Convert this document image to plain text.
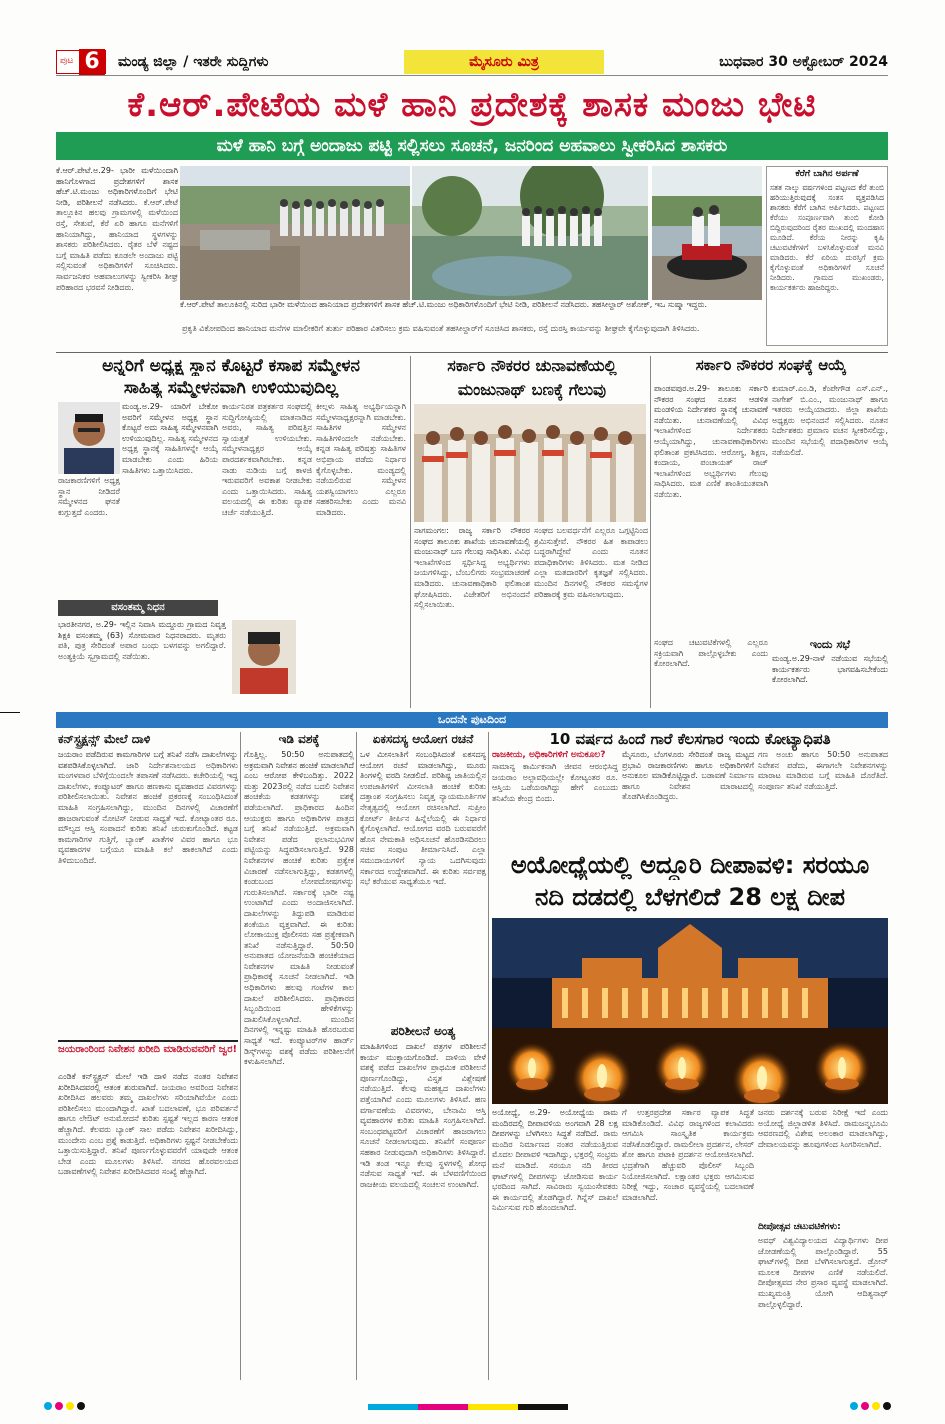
ಪುಟ 6	ಮಂಡ್ಯ ಜಿಲ್ಲಾ / ಇತರೇ ಸುದ್ದಿಗಳು	ಮೈಸೂರು ಮಿತ್ರ	ಬುಧವಾರ 30 ಅಕ್ಟೋಬರ್ 2024
ಕೆ.ಆರ್.ಪೇಟೆಯ ಮಳೆ ಹಾನಿ ಪ್ರದೇಶಕ್ಕೆ ಶಾಸಕ ಮಂಜು ಭೇಟಿ
ಮಳೆ ಹಾನಿ ಬಗ್ಗೆ ಅಂದಾಜು ಪಟ್ಟಿ ಸಲ್ಲಿಸಲು ಸೂಚನೆ, ಜನರಿಂದ ಅಹವಾಲು ಸ್ವೀಕರಿಸಿದ ಶಾಸಕರು
ಕೆ.ಆರ್.ಪೇಟೆ.ಅ.29- ಭಾರೀ ಮಳೆಯಿಂದಾಗಿ ಹಾನಿಗೊಳಗಾದ ಪ್ರದೇಶಗಳಿಗೆ ಶಾಸಕ ಹೆಚ್.ಟಿ.ಮಂಜು ಅಧಿಕಾರಿಗಳೊಂದಿಗೆ ಭೇಟಿ ನೀಡಿ, ಪರಿಶೀಲನೆ ನಡೆಸಿದರು. ಕೆ.ಆರ್.ಪೇಟೆ ತಾಲ್ಲೂಕಿನ ಹಲವು ಗ್ರಾಮಗಳಲ್ಲಿ ಮಳೆಯಿಂದ ರಸ್ತೆ, ಸೇತುವೆ, ಕೆರೆ ಏರಿ ಹಾಗೂ ಮನೆಗಳಿಗೆ ಹಾನಿಯಾಗಿದ್ದು, ಹಾನಿಯಾದ ಸ್ಥಳಗಳನ್ನು ಶಾಸಕರು ಪರಿಶೀಲಿಸಿದರು. ರೈತರ ಬೆಳೆ ನಷ್ಟದ ಬಗ್ಗೆ ಮಾಹಿತಿ ಪಡೆದು ಕೂಡಲೇ ಅಂದಾಜು ಪಟ್ಟಿ ಸಲ್ಲಿಸುವಂತೆ ಅಧಿಕಾರಿಗಳಿಗೆ ಸೂಚಿಸಿದರು. ಸಾರ್ವಜನಿಕರ ಅಹವಾಲುಗಳನ್ನು ಸ್ವೀಕರಿಸಿ ಶೀಘ್ರ ಪರಿಹಾರದ ಭರವಸೆ ನೀಡಿದರು.
ಕೆ.ಆರ್.ಪೇಟೆ ತಾಲೂಕಿನಲ್ಲಿ ಸುರಿದ ಭಾರೀ ಮಳೆಯಿಂದ ಹಾನಿಯಾದ ಪ್ರದೇಶಗಳಿಗೆ ಶಾಸಕ ಹೆಚ್.ಟಿ.ಮಂಜು ಅಧಿಕಾರಿಗಳೊಂದಿಗೆ ಭೇಟಿ ನೀಡಿ, ಪರಿಶೀಲನೆ ನಡೆಸಿದರು. ತಹಸೀಲ್ದಾರ್ ಅಶೋಕ್, ಇಒ ಸುಷ್ಮಾ ಇದ್ದರು.
ಕೆರೆಗೆ ಬಾಗಿನ ಅರ್ಪಣೆ
ಸತತ ನಾಲ್ಕು ವರ್ಷಗಳಿಂದ ಪಟ್ಟಣದ ಕೆರೆ ತುಂಬಿ ಹರಿಯುತ್ತಿರುವುದಕ್ಕೆ ಸಂತಸ ವ್ಯಕ್ತಪಡಿಸಿದ ಶಾಸಕರು ಕೆರೆಗೆ ಬಾಗಿನ ಅರ್ಪಿಸಿದರು. ಪಟ್ಟಣದ ಕೆರೆಯು ಸಂಪೂರ್ಣವಾಗಿ ತುಂಬಿ ಕೋಡಿ ಬಿದ್ದಿರುವುದರಿಂದ ರೈತರ ಮುಖದಲ್ಲಿ ಮಂದಹಾಸ ಮೂಡಿದೆ. ಕೆರೆಯ ನೀರನ್ನು ಕೃಷಿ ಚಟುವಟಿಕೆಗಳಿಗೆ ಬಳಸಿಕೊಳ್ಳುವಂತೆ ಮನವಿ ಮಾಡಿದರು. ಕೆರೆ ಏರಿಯ ದುರಸ್ತಿಗೆ ಕ್ರಮ ಕೈಗೊಳ್ಳುವಂತೆ ಅಧಿಕಾರಿಗಳಿಗೆ ಸೂಚನೆ ನೀಡಿದರು. ಗ್ರಾಮದ ಮುಖಂಡರು, ಕಾರ್ಯಕರ್ತರು ಹಾಜರಿದ್ದರು.
ಪ್ರಕೃತಿ ವಿಕೋಪದಿಂದ ಹಾನಿಯಾದ ಮನೆಗಳ ಮಾಲೀಕರಿಗೆ ತುರ್ತು ಪರಿಹಾರ ವಿತರಿಸಲು ಕ್ರಮ ವಹಿಸುವಂತೆ ತಹಸೀಲ್ದಾರ್‌ಗೆ ಸೂಚಿಸಿದ ಶಾಸಕರು, ರಸ್ತೆ ದುರಸ್ತಿ ಕಾರ್ಯವನ್ನು ಶೀಘ್ರವೇ ಕೈಗೊಳ್ಳುವುದಾಗಿ ತಿಳಿಸಿದರು.
ಅನ್ನರಿಗೆ ಅಧ್ಯಕ್ಷ ಸ್ಥಾನ ಕೊಟ್ಟರೆ ಕಸಾಪ ಸಮ್ಮೇಳನ
ಸಾಹಿತ್ಯ ಸಮ್ಮೇಳನವಾಗಿ ಉಳಿಯುವುದಿಲ್ಲ
ಮಂಡ್ಯ.ಅ.29- ಯಾರಿಗೆ ಬೇಕೋ ಅವರಿಗೆ ಸಮ್ಮೇಳನ ಅಧ್ಯಕ್ಷ ಸ್ಥಾನ ಕೊಟ್ಟರೆ ಅದು ಸಾಹಿತ್ಯ ಸಮ್ಮೇಳನವಾಗಿ ಉಳಿಯುವುದಿಲ್ಲ. ಸಾಹಿತ್ಯ ಸಮ್ಮೇಳನದ ಅಧ್ಯಕ್ಷ ಸ್ಥಾನಕ್ಕೆ ಸಾಹಿತಿಗಳನ್ನೇ ಆಯ್ಕೆ ಮಾಡಬೇಕು ಎಂದು ಹಿರಿಯ ಸಾಹಿತಿಗಳು ಒತ್ತಾಯಿಸಿದರು.
ರಾಜಕಾರಣಿಗಳಿಗೆ ಅಧ್ಯಕ್ಷ ಸ್ಥಾನ ನೀಡಿದರೆ ಸಮ್ಮೇಳನದ ಘನತೆ ಕುಗ್ಗುತ್ತದೆ ಎಂದರು.
ಕಾರ್ಯನಿರತ ಪತ್ರಕರ್ತರ ಸಂಘದಲ್ಲಿ ಸುದ್ದಿಗೋಷ್ಠಿಯಲ್ಲಿ ಮಾತನಾಡಿದ ಅವರು, ಸಾಹಿತ್ಯ ಪರಿಷತ್ತಿನ ಸ್ವಾಯತ್ತತೆ ಉಳಿಯಬೇಕು. ಸಮ್ಮೇಳನಾಧ್ಯಕ್ಷರ ಆಯ್ಕೆ ಪಾರದರ್ಶಕವಾಗಿರಬೇಕು. ಕನ್ನಡ ನಾಡು ನುಡಿಯ ಬಗ್ಗೆ ಕಾಳಜಿ ಇರುವವರಿಗೆ ಅವಕಾಶ ನೀಡಬೇಕು ಎಂದು ಒತ್ತಾಯಿಸಿದರು. ಸಾಹಿತ್ಯ ವಲಯದಲ್ಲಿ ಈ ಕುರಿತು ವ್ಯಾಪಕ ಚರ್ಚೆ ನಡೆಯುತ್ತಿದೆ.
ಕೀಲ್ಗಳು ಸಾಹಿತ್ಯ ಅಭ್ಯರ್ಥಿಯನ್ನಾಗಿ ಸಮ್ಮೇಳನಾಧ್ಯಕ್ಷರನ್ನಾಗಿ ಮಾಡಬೇಕು. ಸಾಹಿತಿಗಳ ಸಮ್ಮೇಳನ ಸಾಹಿತಿಗಳಿಂದಲೇ ನಡೆಯಬೇಕು. ಕನ್ನಡ ಸಾಹಿತ್ಯ ಪರಿಷತ್ತು ಸಾಹಿತಿಗಳ ಅಭಿಪ್ರಾಯ ಪಡೆದು ನಿರ್ಧಾರ ಕೈಗೊಳ್ಳಬೇಕು. ಮಂಡ್ಯದಲ್ಲಿ ನಡೆಯಲಿರುವ ಸಮ್ಮೇಳನ ಯಶಸ್ವಿಯಾಗಲು ಎಲ್ಲರೂ ಸಹಕರಿಸಬೇಕು ಎಂದು ಮನವಿ ಮಾಡಿದರು.
ವಸಂತಮ್ಮ ನಿಧನ
ಭಾರತೀನಗರ, ಅ.29- ಇಲ್ಲಿನ ನಿವಾಸಿ ಮದ್ದೂರು ಗ್ರಾಮದ ನಿವೃತ್ತ ಶಿಕ್ಷಕಿ ವಸಂತಮ್ಮ (63) ಸೋಮವಾರ ನಿಧನರಾದರು. ಮೃತರು ಪತಿ, ಪುತ್ರ ಸೇರಿದಂತೆ ಅಪಾರ ಬಂಧು ಬಳಗವನ್ನು ಅಗಲಿದ್ದಾರೆ. ಅಂತ್ಯಕ್ರಿಯೆ ಸ್ವಗ್ರಾಮದಲ್ಲಿ ನಡೆಯಿತು.
ಸರ್ಕಾರಿ ನೌಕರರ ಚುನಾವಣೆಯಲ್ಲಿ
ಮಂಜುನಾಥ್ ಬಣಕ್ಕೆ ಗೆಲುವು
ನಾಗಮಂಗಲ: ರಾಜ್ಯ ಸರ್ಕಾರಿ ನೌಕರರ ಸಂಘದ ತಾಲೂಕು ಶಾಖೆಯ ಚುನಾವಣೆಯಲ್ಲಿ ಮಂಜುನಾಥ್ ಬಣ ಗೆಲುವು ಸಾಧಿಸಿತು. ವಿವಿಧ ಇಲಾಖೆಗಳಿಂದ ಸ್ಪರ್ಧಿಸಿದ್ದ ಅಭ್ಯರ್ಥಿಗಳು ಜಯಗಳಿಸಿದ್ದು, ಬೆಂಬಲಿಗರು ಸಂಭ್ರಮಾಚರಣೆ ಮಾಡಿದರು. ಚುನಾವಣಾಧಿಕಾರಿ ಫಲಿತಾಂಶ ಘೋಷಿಸಿದರು. ವಿಜೇತರಿಗೆ ಅಭಿನಂದನೆ ಸಲ್ಲಿಸಲಾಯಿತು.
ಸಂಘದ ಬಲವರ್ಧನೆಗೆ ಎಲ್ಲರೂ ಒಗ್ಗಟ್ಟಿನಿಂದ ಶ್ರಮಿಸುತ್ತೇವೆ. ನೌಕರರ ಹಿತ ಕಾಪಾಡಲು ಬದ್ಧರಾಗಿದ್ದೇವೆ ಎಂದು ನೂತನ ಪದಾಧಿಕಾರಿಗಳು ತಿಳಿಸಿದರು. ಮತ ನೀಡಿದ ಎಲ್ಲಾ ಮತದಾರರಿಗೆ ಕೃತಜ್ಞತೆ ಸಲ್ಲಿಸಿದರು. ಮುಂದಿನ ದಿನಗಳಲ್ಲಿ ನೌಕರರ ಸಮಸ್ಯೆಗಳ ಪರಿಹಾರಕ್ಕೆ ಕ್ರಮ ವಹಿಸಲಾಗುವುದು.
ಸರ್ಕಾರಿ ನೌಕರರ ಸಂಘಕ್ಕೆ ಆಯ್ಕೆ
ಪಾಂಡವಪುರ.ಅ.29- ತಾಲೂಕು ಸರ್ಕಾರಿ ನೌಕರರ ಸಂಘದ ನೂತನ ಆಡಳಿತ ಮಂಡಳಿಯ ನಿರ್ದೇಶಕರ ಸ್ಥಾನಕ್ಕೆ ಚುನಾವಣೆ ನಡೆಯಿತು. ಚುನಾವಣೆಯಲ್ಲಿ ವಿವಿಧ ಇಲಾಖೆಗಳಿಂದ ನಿರ್ದೇಶಕರು ಆಯ್ಕೆಯಾಗಿದ್ದು, ಚುನಾವಣಾಧಿಕಾರಿಗಳು ಫಲಿತಾಂಶ ಪ್ರಕಟಿಸಿದರು. ಆರೋಗ್ಯ, ಶಿಕ್ಷಣ, ಕಂದಾಯ, ಪಂಚಾಯತ್ ರಾಜ್ ಇಲಾಖೆಗಳಿಂದ ಅಭ್ಯರ್ಥಿಗಳು ಗೆಲುವು ಸಾಧಿಸಿದರು. ಮತ ಎಣಿಕೆ ಶಾಂತಿಯುತವಾಗಿ ನಡೆಯಿತು.
ಕುಮಾರ್.ಎಂ.ಡಿ, ಕೆಂಪೇಗೌಡ ಎಸ್.ಎನ್., ನಾಗೇಶ್ ಬಿ.ಎಂ., ಮಂಜುನಾಥ್ ಹಾಗೂ ಇತರರು ಆಯ್ಕೆಯಾದರು. ಜಿಲ್ಲಾ ಶಾಖೆಯ ಅಧ್ಯಕ್ಷರು ಅಭಿನಂದನೆ ಸಲ್ಲಿಸಿದರು. ನೂತನ ನಿರ್ದೇಶಕರು ಪ್ರಮಾಣ ವಚನ ಸ್ವೀಕರಿಸಲಿದ್ದು, ಮುಂದಿನ ಸಭೆಯಲ್ಲಿ ಪದಾಧಿಕಾರಿಗಳ ಆಯ್ಕೆ ನಡೆಯಲಿದೆ.
ಇಂದು ಸಭೆ
ಮಂಡ್ಯ.ಅ.29-ನಾಳೆ ನಡೆಯುವ ಸಭೆಯಲ್ಲಿ ಕಾರ್ಯಕರ್ತರು ಭಾಗವಹಿಸಬೇಕೆಂದು ಕೋರಲಾಗಿದೆ.
ಸಂಘದ ಚಟುವಟಿಕೆಗಳಲ್ಲಿ ಎಲ್ಲರೂ ಸಕ್ರಿಯವಾಗಿ ಪಾಲ್ಗೊಳ್ಳಬೇಕು ಎಂದು ಕೋರಲಾಗಿದೆ.
ಒಂದನೇ ಪುಟದಿಂದ
ಕನ್‌ಸ್ಟ್ರಕ್ಷನ್ಸ್ ಮೇಲೆ ದಾಳಿ
ಜಯರಾಂ ಪಡೆದಿರುವ ಕಾಮಗಾರಿಗಳ ಬಗ್ಗೆ ತನಿಖೆ ನಡೆಸಿ ದಾಖಲೆಗಳನ್ನು ವಶಪಡಿಸಿಕೊಳ್ಳಲಾಗಿದೆ. ಜಾರಿ ನಿರ್ದೇಶನಾಲಯದ ಅಧಿಕಾರಿಗಳು ಮಂಗಳವಾರ ಬೆಳಿಗ್ಗೆಯಿಂದಲೇ ತಪಾಸಣೆ ನಡೆಸಿದರು. ಕಚೇರಿಯಲ್ಲಿ ಇದ್ದ ದಾಖಲೆಗಳು, ಕಂಪ್ಯೂಟರ್ ಹಾಗೂ ಹಣಕಾಸು ವ್ಯವಹಾರದ ವಿವರಗಳನ್ನು ಪರಿಶೀಲಿಸಲಾಯಿತು. ನಿವೇಶನ ಹಂಚಿಕೆ ಪ್ರಕರಣಕ್ಕೆ ಸಂಬಂಧಿಸಿದಂತೆ ಮಾಹಿತಿ ಸಂಗ್ರಹಿಸಲಾಗಿದ್ದು, ಮುಂದಿನ ದಿನಗಳಲ್ಲಿ ವಿಚಾರಣೆಗೆ ಹಾಜರಾಗುವಂತೆ ನೋಟಿಸ್ ನೀಡುವ ಸಾಧ್ಯತೆ ಇದೆ. ಕೋಟ್ಯಾಂತರ ರೂ. ಮೌಲ್ಯದ ಆಸ್ತಿ ಸಂಪಾದನೆ ಕುರಿತು ತನಿಖೆ ಚುರುಕುಗೊಂಡಿದೆ. ಕಟ್ಟಡ ಕಾಮಗಾರಿಗಳ ಗುತ್ತಿಗೆ, ಬ್ಯಾಂಕ್ ಖಾತೆಗಳ ವಿವರ ಹಾಗೂ ಭೂ ವ್ಯವಹಾರಗಳ ಬಗ್ಗೆಯೂ ಮಾಹಿತಿ ಕಲೆ ಹಾಕಲಾಗಿದೆ ಎಂದು ತಿಳಿದುಬಂದಿದೆ.
ಜಯರಾಂರಿಂದ ನಿವೇಶನ ಖರೀದಿ ಮಾಡಿರುವವರಿಗೆ ಜ್ವರ!
ಎಂಡಿಕೆ ಕನ್‌ಸ್ಟ್ರಕ್ಷನ್ ಮೇಲೆ ಇಡಿ ದಾಳಿ ನಡೆದ ನಂತರ ನಿವೇಶನ ಖರೀದಿಸಿದವರಲ್ಲಿ ಆತಂಕ ಶುರುವಾಗಿದೆ. ಜಯರಾಂ ಅವರಿಂದ ನಿವೇಶನ ಖರೀದಿಸಿದ ಹಲವರು ತಮ್ಮ ದಾಖಲೆಗಳು ಸರಿಯಾಗಿವೆಯೇ ಎಂದು ಪರಿಶೀಲಿಸಲು ಮುಂದಾಗಿದ್ದಾರೆ. ಖಾತೆ ಬದಲಾವಣೆ, ಭೂ ಪರಿವರ್ತನೆ ಹಾಗೂ ಲೇಔಟ್ ಅನುಮೋದನೆ ಕುರಿತು ಸ್ಪಷ್ಟತೆ ಇಲ್ಲದ ಕಾರಣ ಆತಂಕ ಹೆಚ್ಚಾಗಿದೆ. ಕೆಲವರು ಬ್ಯಾಂಕ್ ಸಾಲ ಪಡೆದು ನಿವೇಶನ ಖರೀದಿಸಿದ್ದು, ಮುಂದೇನು ಎಂಬ ಪ್ರಶ್ನೆ ಕಾಡುತ್ತಿದೆ. ಅಧಿಕಾರಿಗಳು ಸ್ಪಷ್ಟನೆ ನೀಡಬೇಕೆಂದು ಒತ್ತಾಯಿಸುತ್ತಿದ್ದಾರೆ. ತನಿಖೆ ಪೂರ್ಣಗೊಳ್ಳುವವರೆಗೆ ಯಾವುದೇ ಆತಂಕ ಬೇಡ ಎಂದು ಮೂಲಗಳು ತಿಳಿಸಿವೆ. ನಗರದ ಹೊರವಲಯದ ಬಡಾವಣೆಗಳಲ್ಲಿ ನಿವೇಶನ ಖರೀದಿಸಿದವರ ಸಂಖ್ಯೆ ಹೆಚ್ಚಾಗಿದೆ.
ಇಡಿ ವಶಕ್ಕೆ
ಗೊತ್ತಿಲ್ಲ. 50:50 ಅನುಪಾತದಲ್ಲಿ ಅಕ್ರಮವಾಗಿ ನಿವೇಶನ ಹಂಚಿಕೆ ಮಾಡಲಾಗಿದೆ ಎಂಬ ಆರೋಪ ಕೇಳಿಬಂದಿತ್ತು. 2022 ಮತ್ತು 2023ರಲ್ಲಿ ನಡೆದ ಬದಲಿ ನಿವೇಶನ ಹಂಚಿಕೆಯ ಕಡತಗಳನ್ನು ವಶಕ್ಕೆ ಪಡೆಯಲಾಗಿದೆ. ಪ್ರಾಧಿಕಾರದ ಹಿಂದಿನ ಆಯುಕ್ತರು ಹಾಗೂ ಅಧಿಕಾರಿಗಳ ಪಾತ್ರದ ಬಗ್ಗೆ ತನಿಖೆ ನಡೆಯುತ್ತಿದೆ. ಅಕ್ರಮವಾಗಿ ನಿವೇಶನ ಪಡೆದ ಫಲಾನುಭವಿಗಳ ಪಟ್ಟಿಯನ್ನು ಸಿದ್ಧಪಡಿಸಲಾಗುತ್ತಿದೆ. 928 ನಿವೇಶನಗಳ ಹಂಚಿಕೆ ಕುರಿತು ಪ್ರತ್ಯೇಕ ವಿಚಾರಣೆ ನಡೆಸಲಾಗುತ್ತಿದ್ದು, ಕಡತಗಳಲ್ಲಿ ಕಂಡುಬಂದ ಲೋಪದೋಷಗಳನ್ನು ಗುರುತಿಸಲಾಗಿದೆ. ಸರ್ಕಾರಕ್ಕೆ ಭಾರೀ ನಷ್ಟ ಉಂಟಾಗಿದೆ ಎಂದು ಅಂದಾಜಿಸಲಾಗಿದೆ. ದಾಖಲೆಗಳನ್ನು ತಿದ್ದುಪಡಿ ಮಾಡಿರುವ ಶಂಕೆಯೂ ವ್ಯಕ್ತವಾಗಿದೆ. ಈ ಕುರಿತು ಲೋಕಾಯುಕ್ತ ಪೊಲೀಸರು ಸಹ ಪ್ರತ್ಯೇಕವಾಗಿ ತನಿಖೆ ನಡೆಸುತ್ತಿದ್ದಾರೆ. 50:50 ಅನುಪಾತದ ಯೋಜನೆಯಡಿ ಹಂಚಿಕೆಯಾದ ನಿವೇಶನಗಳ ಮಾಹಿತಿ ನೀಡುವಂತೆ ಪ್ರಾಧಿಕಾರಕ್ಕೆ ಸೂಚನೆ ನೀಡಲಾಗಿದೆ. ಇಡಿ ಅಧಿಕಾರಿಗಳು ಹಲವು ಗಂಟೆಗಳ ಕಾಲ ದಾಖಲೆ ಪರಿಶೀಲಿಸಿದರು. ಪ್ರಾಧಿಕಾರದ ಸಿಬ್ಬಂದಿಯಿಂದ ಹೇಳಿಕೆಗಳನ್ನು ದಾಖಲಿಸಿಕೊಳ್ಳಲಾಗಿದೆ. ಮುಂದಿನ ದಿನಗಳಲ್ಲಿ ಇನ್ನಷ್ಟು ಮಾಹಿತಿ ಹೊರಬರುವ ಸಾಧ್ಯತೆ ಇದೆ. ಕಂಪ್ಯೂಟರ್‌ಗಳ ಹಾರ್ಡ್ ಡಿಸ್ಕ್‌ಗಳನ್ನು ವಶಕ್ಕೆ ಪಡೆದು ಪರಿಶೀಲನೆಗೆ ಕಳುಹಿಸಲಾಗಿದೆ.
ಏಕಸದಸ್ಯ ಆಯೋಗ ರಚನೆ
ಒಳ ಮೀಸಲಾತಿಗೆ ಸಂಬಂಧಿಸಿದಂತೆ ಏಕಸದಸ್ಯ ಆಯೋಗ ರಚನೆ ಮಾಡಲಾಗಿದ್ದು, ಮೂರು ತಿಂಗಳಲ್ಲಿ ವರದಿ ನೀಡಲಿದೆ. ಪರಿಶಿಷ್ಟ ಜಾತಿಯಲ್ಲಿನ ಉಪಜಾತಿಗಳಿಗೆ ಮೀಸಲಾತಿ ಹಂಚಿಕೆ ಕುರಿತು ದತ್ತಾಂಶ ಸಂಗ್ರಹಿಸಲು ನಿವೃತ್ತ ನ್ಯಾಯಮೂರ್ತಿಗಳ ನೇತೃತ್ವದಲ್ಲಿ ಆಯೋಗ ರಚಿಸಲಾಗಿದೆ. ಸುಪ್ರೀಂ ಕೋರ್ಟ್ ತೀರ್ಪಿನ ಹಿನ್ನೆಲೆಯಲ್ಲಿ ಈ ನಿರ್ಧಾರ ಕೈಗೊಳ್ಳಲಾಗಿದೆ. ಆಯೋಗದ ವರದಿ ಬರುವವರೆಗೆ ಹೊಸ ನೇಮಕಾತಿ ಅಧಿಸೂಚನೆ ಹೊರಡಿಸದಿರಲು ಸಚಿವ ಸಂಪುಟ ತೀರ್ಮಾನಿಸಿದೆ. ಎಲ್ಲಾ ಸಮುದಾಯಗಳಿಗೆ ನ್ಯಾಯ ಒದಗಿಸುವುದು ಸರ್ಕಾರದ ಉದ್ದೇಶವಾಗಿದೆ. ಈ ಕುರಿತು ಸರ್ವಪಕ್ಷ ಸಭೆ ಕರೆಯುವ ಸಾಧ್ಯತೆಯೂ ಇದೆ.
ಪರಿಶೀಲನೆ ಅಂತ್ಯ
ಮಾಹಿತಿಗಳಿಂದ ದಾಖಲೆ ಪತ್ರಗಳ ಪರಿಶೀಲನೆ ಕಾರ್ಯ ಮುಕ್ತಾಯಗೊಂಡಿದೆ. ದಾಳಿಯ ವೇಳೆ ವಶಕ್ಕೆ ಪಡೆದ ದಾಖಲೆಗಳ ಪ್ರಾಥಮಿಕ ಪರಿಶೀಲನೆ ಪೂರ್ಣಗೊಂಡಿದ್ದು, ವಿಸ್ತೃತ ವಿಶ್ಲೇಷಣೆ ನಡೆಯುತ್ತಿದೆ. ಕೆಲವು ಮಹತ್ವದ ದಾಖಲೆಗಳು ಪತ್ತೆಯಾಗಿವೆ ಎಂದು ಮೂಲಗಳು ತಿಳಿಸಿವೆ. ಹಣ ವರ್ಗಾವಣೆಯ ವಿವರಗಳು, ಬೇನಾಮಿ ಆಸ್ತಿ ವ್ಯವಹಾರಗಳ ಕುರಿತು ಮಾಹಿತಿ ಸಂಗ್ರಹಿಸಲಾಗಿದೆ. ಸಂಬಂಧಪಟ್ಟವರಿಗೆ ವಿಚಾರಣೆಗೆ ಹಾಜರಾಗಲು ಸೂಚನೆ ನೀಡಲಾಗುವುದು. ತನಿಖೆಗೆ ಸಂಪೂರ್ಣ ಸಹಕಾರ ನೀಡುವುದಾಗಿ ಅಧಿಕಾರಿಗಳು ತಿಳಿಸಿದ್ದಾರೆ. ಇಡಿ ತಂಡ ಇನ್ನೂ ಕೆಲವು ಸ್ಥಳಗಳಲ್ಲಿ ಶೋಧ ನಡೆಸುವ ಸಾಧ್ಯತೆ ಇದೆ. ಈ ಬೆಳವಣಿಗೆಯಿಂದ ರಾಜಕೀಯ ವಲಯದಲ್ಲಿ ಸಂಚಲನ ಉಂಟಾಗಿದೆ.
10 ವರ್ಷದ ಹಿಂದೆ ಗಾರೆ ಕೆಲಸಗಾರ ಇಂದು ಕೋಟ್ಯಾಧಿಪತಿ
ರಾಜಕೀಯ, ಅಧಿಕಾರಿಗಳಿಗೆ ಅನುಕೂಲ?
ಸಾಮಾನ್ಯ ಕಾರ್ಮಿಕನಾಗಿ ಜೀವನ ಆರಂಭಿಸಿದ್ದ ಜಯರಾಂ ಅಲ್ಪಾವಧಿಯಲ್ಲೇ ಕೋಟ್ಯಂತರ ರೂ. ಆಸ್ತಿಯ ಒಡೆಯರಾಗಿದ್ದು ಹೇಗೆ ಎಂಬುದು ತನಿಖೆಯ ಕೇಂದ್ರ ಬಿಂದು.
ಮೈಸೂರು, ಬೆಂಗಳೂರು ಸೇರಿದಂತೆ ರಾಜ್ಯ ಮಟ್ಟದ ಪ್ರಭಾವಿ ರಾಜಕಾರಣಿಗಳು ಹಾಗೂ ಅಧಿಕಾರಿಗಳಿಗೆ ಅನುಕೂಲ ಮಾಡಿಕೊಟ್ಟಿದ್ದಾರೆ. ಬಡಾವಣೆ ನಿರ್ಮಾಣ ಹಾಗೂ ನಿವೇಶನ ಮಾರಾಟದಲ್ಲಿ ತೊಡಗಿಸಿಕೊಂಡಿದ್ದರು.
ಗಣ ಅಂಚು ಹಾಗೂ 50:50 ಅನುಪಾತದ ನಿವೇಶನ ಪಡೆದು, ಈಗಾಗಲೇ ನಿವೇಶನಗಳನ್ನು ಮಾರಾಟ ಮಾಡಿರುವ ಬಗ್ಗೆ ಮಾಹಿತಿ ದೊರೆತಿದೆ. ಸಂಪೂರ್ಣ ತನಿಖೆ ನಡೆಯುತ್ತಿದೆ.
ಅಯೋಧ್ಯೆಯಲ್ಲಿ ಅದ್ದೂರಿ ದೀಪಾವಳಿ: ಸರಯೂ
ನದಿ ದಡದಲ್ಲಿ ಬೆಳಗಲಿದೆ 28 ಲಕ್ಷ ದೀಪ
ಅಯೋಧ್ಯೆ, ಅ.29- ಅಯೋಧ್ಯೆಯ ರಾಮ ಮಂದಿರದಲ್ಲಿ ದೀಪಾವಳಿಯ ಅಂಗವಾಗಿ 28 ಲಕ್ಷ ದೀಪಗಳನ್ನು ಬೆಳಗಿಸಲು ಸಿದ್ಧತೆ ನಡೆದಿದೆ. ರಾಮ ಮಂದಿರ ನಿರ್ಮಾಣದ ನಂತರ ನಡೆಯುತ್ತಿರುವ ಮೊದಲ ದೀಪಾವಳಿ ಇದಾಗಿದ್ದು, ಭಕ್ತರಲ್ಲಿ ಸಂಭ್ರಮ ಮನೆ ಮಾಡಿದೆ. ಸರಯೂ ನದಿ ತೀರದ ಘಾಟ್‌ಗಳಲ್ಲಿ ದೀಪಗಳನ್ನು ಜೋಡಿಸುವ ಕಾರ್ಯ ಭರದಿಂದ ಸಾಗಿದೆ. ಸಾವಿರಾರು ಸ್ವಯಂಸೇವಕರು ಈ ಕಾರ್ಯದಲ್ಲಿ ತೊಡಗಿದ್ದಾರೆ. ಗಿನ್ನೆಸ್ ದಾಖಲೆ ನಿರ್ಮಿಸುವ ಗುರಿ ಹೊಂದಲಾಗಿದೆ.
ಗೆ ಉತ್ತರಪ್ರದೇಶ ಸರ್ಕಾರ ವ್ಯಾಪಕ ಸಿದ್ಧತೆ ಮಾಡಿಕೊಂಡಿದೆ. ವಿವಿಧ ರಾಜ್ಯಗಳಿಂದ ಕಲಾವಿದರು ಆಗಮಿಸಿ ಸಾಂಸ್ಕೃತಿಕ ಕಾರ್ಯಕ್ರಮ ನಡೆಸಿಕೊಡಲಿದ್ದಾರೆ. ರಾಮಲೀಲಾ ಪ್ರದರ್ಶನ, ಲೇಸರ್ ಶೋ ಹಾಗೂ ಪಟಾಕಿ ಪ್ರದರ್ಶನ ಆಯೋಜಿಸಲಾಗಿದೆ. ಭದ್ರತೆಗಾಗಿ ಹೆಚ್ಚುವರಿ ಪೊಲೀಸ್ ಸಿಬ್ಬಂದಿ ನಿಯೋಜಿಸಲಾಗಿದೆ. ಲಕ್ಷಾಂತರ ಭಕ್ತರು ಆಗಮಿಸುವ ನಿರೀಕ್ಷೆ ಇದ್ದು, ಸಂಚಾರ ವ್ಯವಸ್ಥೆಯಲ್ಲಿ ಬದಲಾವಣೆ ಮಾಡಲಾಗಿದೆ.
ಜನರು ದರ್ಶನಕ್ಕೆ ಬರುವ ನಿರೀಕ್ಷೆ ಇದೆ ಎಂದು ಅಯೋಧ್ಯೆ ಜಿಲ್ಲಾಡಳಿತ ತಿಳಿಸಿದೆ. ರಾಮಜನ್ಮಭೂಮಿ ಆವರಣದಲ್ಲಿ ವಿಶೇಷ ಅಲಂಕಾರ ಮಾಡಲಾಗಿದ್ದು, ದೇವಾಲಯವನ್ನು ಹೂವುಗಳಿಂದ ಸಿಂಗರಿಸಲಾಗಿದೆ.
ದೀಪೋತ್ಸವ ಚಟುವಟಿಕೆಗಳು:
ಅವಧ್ ವಿಶ್ವವಿದ್ಯಾಲಯದ ವಿದ್ಯಾರ್ಥಿಗಳು ದೀಪ ಜೋಡಣೆಯಲ್ಲಿ ಪಾಲ್ಗೊಂಡಿದ್ದಾರೆ. 55 ಘಾಟ್‌ಗಳಲ್ಲಿ ದೀಪ ಬೆಳಗಿಸಲಾಗುತ್ತದೆ. ಡ್ರೋನ್ ಮೂಲಕ ದೀಪಗಳ ಎಣಿಕೆ ನಡೆಯಲಿದೆ. ದೀಪೋತ್ಸವದ ನೇರ ಪ್ರಸಾರ ವ್ಯವಸ್ಥೆ ಮಾಡಲಾಗಿದೆ. ಮುಖ್ಯಮಂತ್ರಿ ಯೋಗಿ ಆದಿತ್ಯನಾಥ್ ಪಾಲ್ಗೊಳ್ಳಲಿದ್ದಾರೆ.
